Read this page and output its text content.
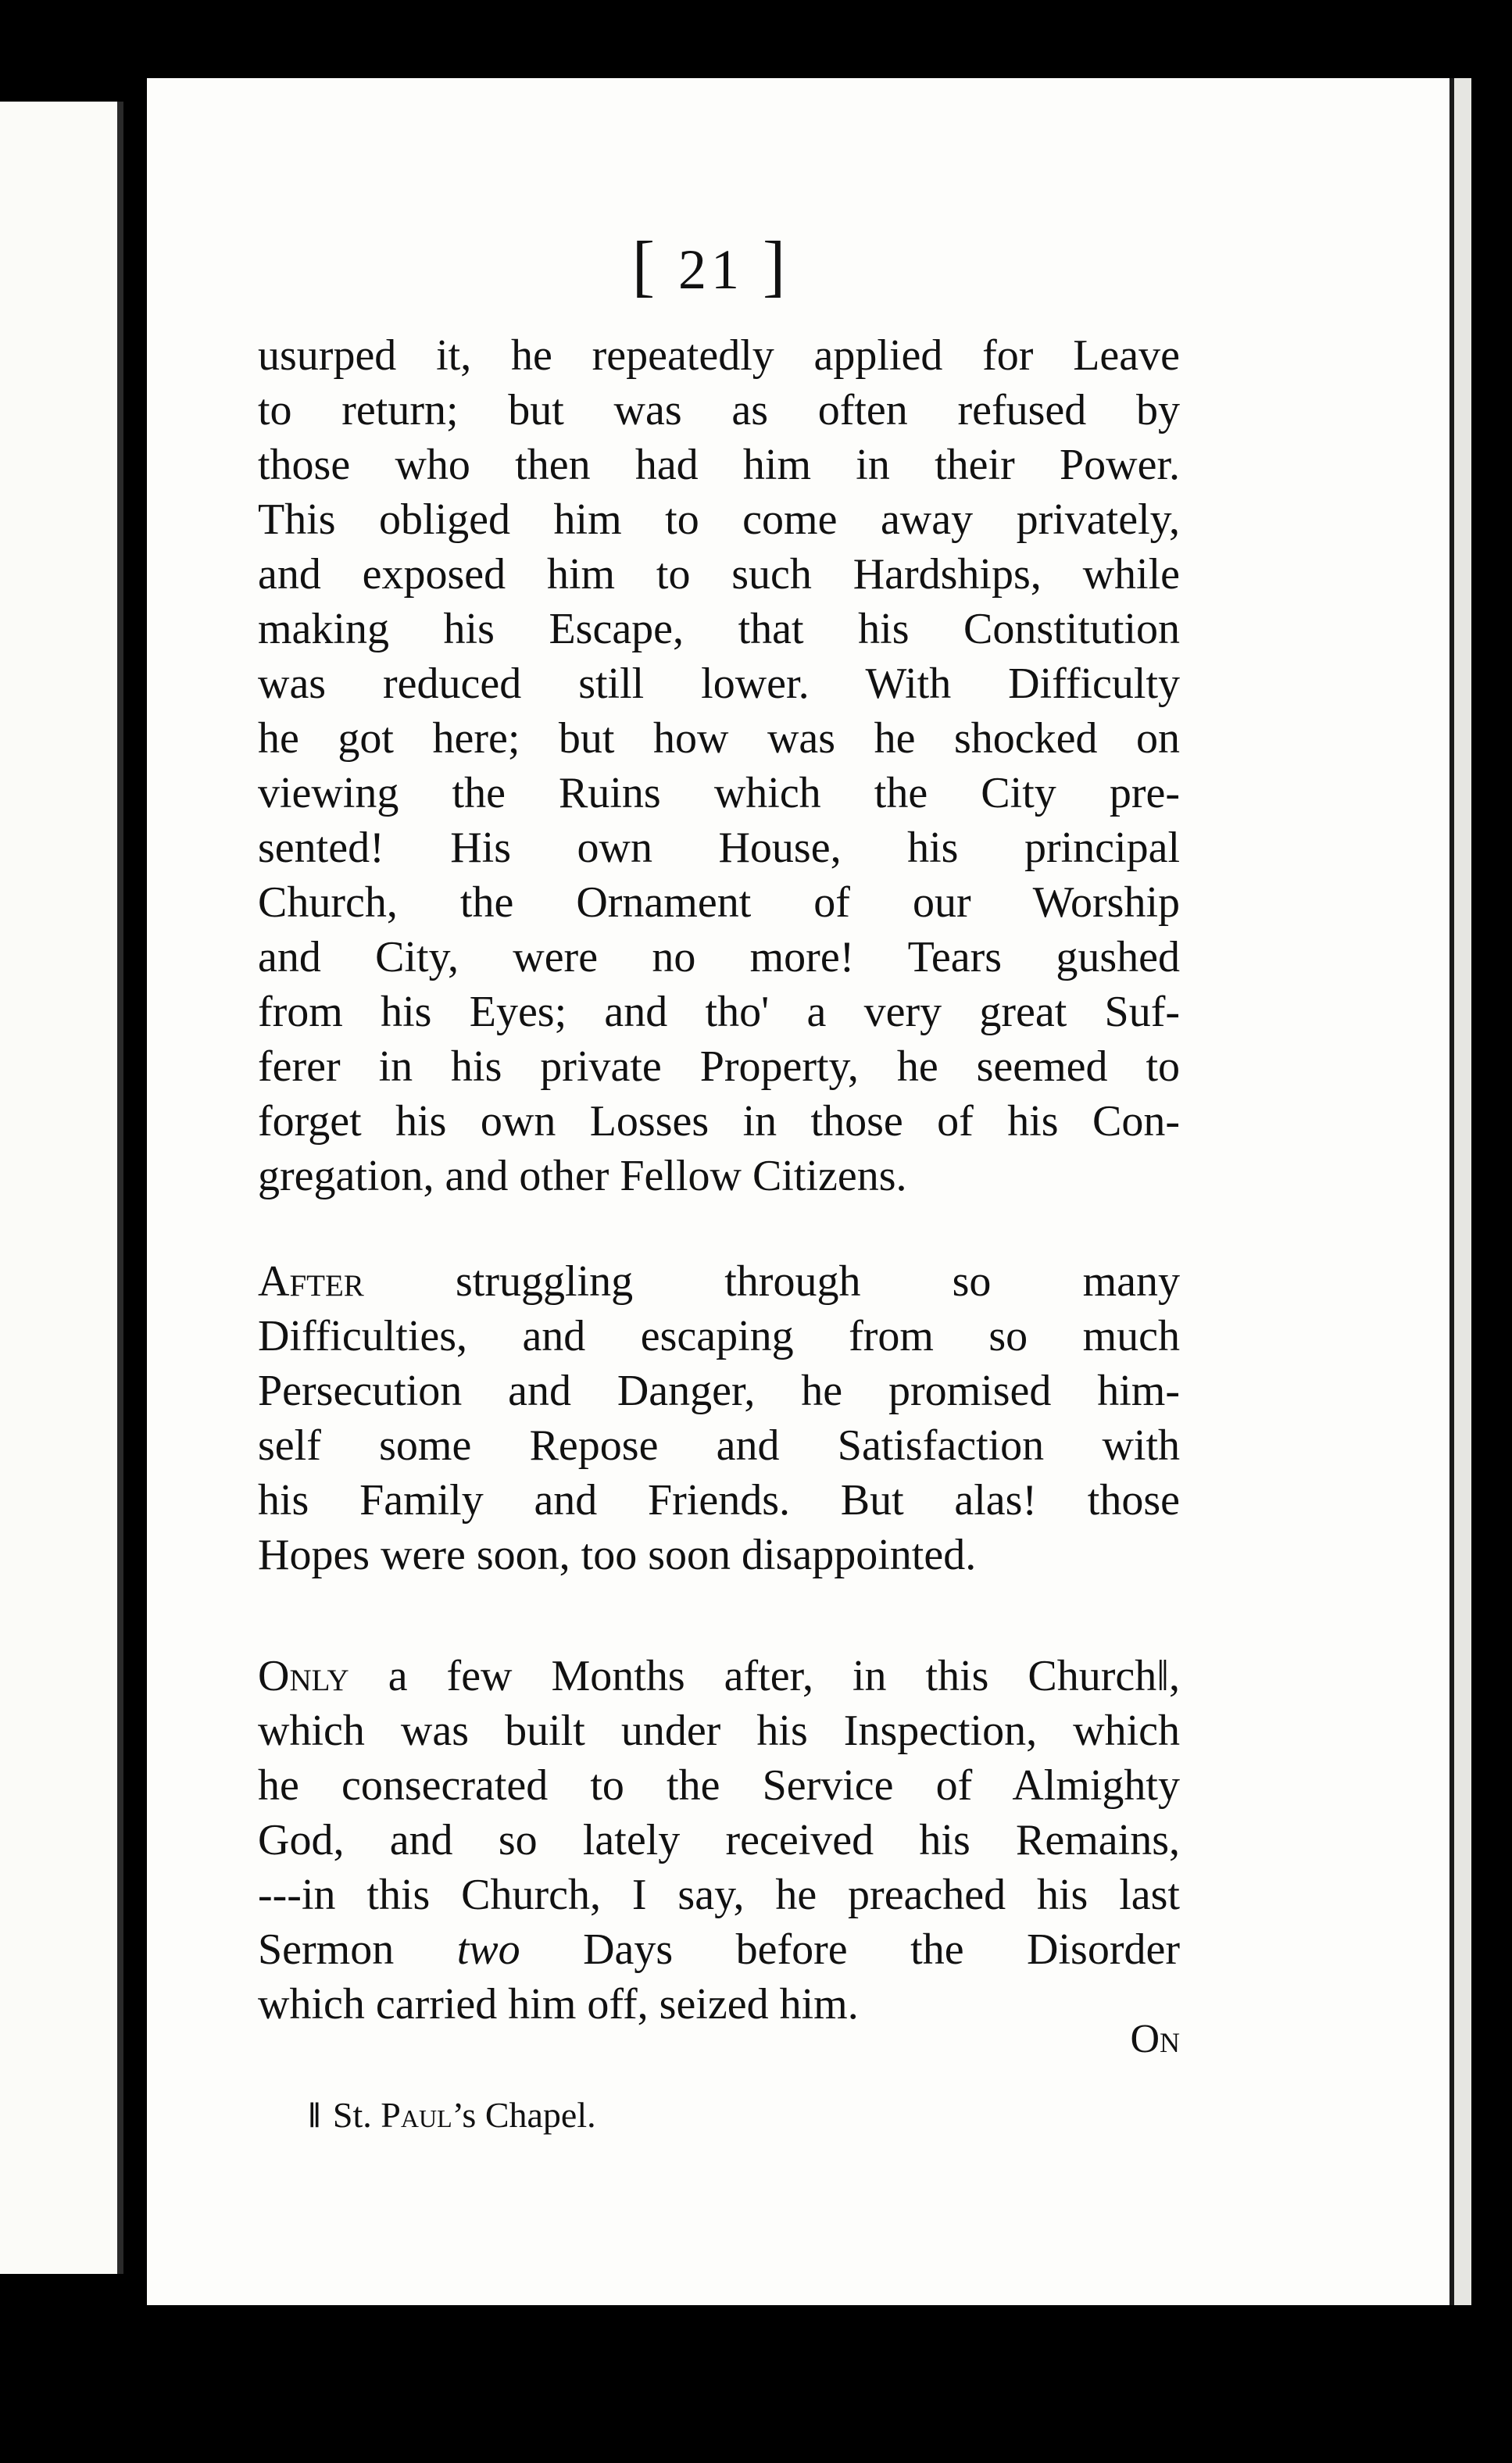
[ 21 ]
usurped it, he repeatedly applied for Leave
to return; but was as often refused by
those who then had him in their Power.
This obliged him to come away privately,
and exposed him to such Hardships, while
making his Escape, that his Constitution
was reduced still lower. With Difficulty
he got here; but how was he shocked on
viewing the Ruins which the City pre-
sented! His own House, his principal
Church, the Ornament of our Worship
and City, were no more! Tears gushed
from his Eyes; and tho' a very great Suf-
ferer in his private Property, he seemed to
forget his own Losses in those of his Con-
gregation, and other Fellow Citizens.
After struggling through so many
Difficulties, and escaping from so much
Persecution and Danger, he promised him-
self some Repose and Satisfaction with
his Family and Friends. But alas! those
Hopes were soon, too soon disappointed.
Only a few Months after, in this Church‖,
which was built under his Inspection, which
he consecrated to the Service of Almighty
God, and so lately received his Remains,
---in this Church, I say, he preached his last
Sermon two Days before the Disorder
which carried him off, seized him.
On
‖ St. Paul’s Chapel.
